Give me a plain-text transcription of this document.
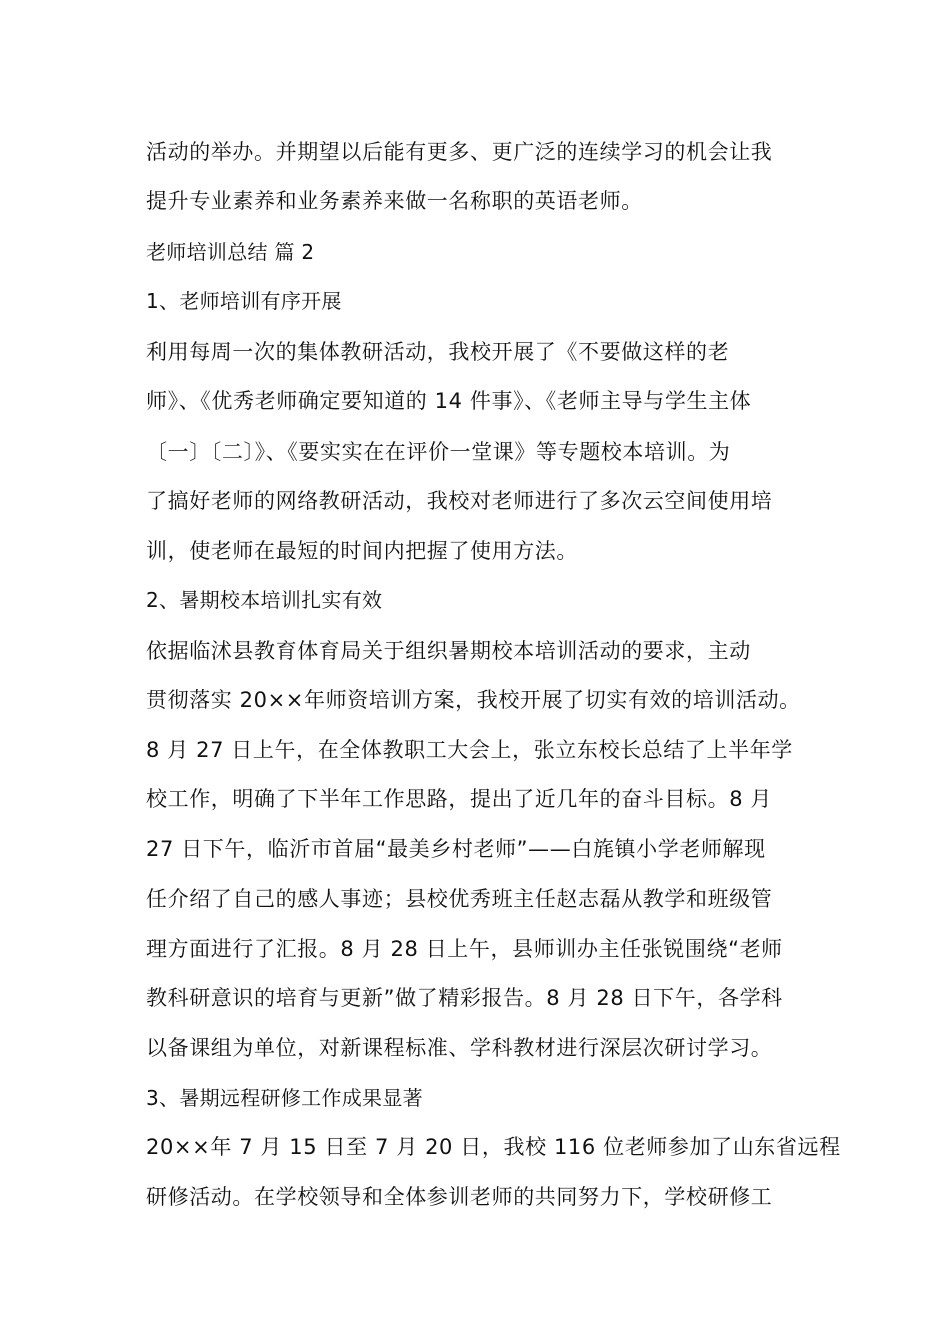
活动的举办。并期望以后能有更多、更广泛的连续学习的机会让我
提升专业素养和业务素养来做一名称职的英语老师。
老师培训总结 篇 2
1、老师培训有序开展
利用每周一次的集体教研活动，我校开展了《不要做这样的老
师》、《优秀老师确定要知道的 14 件事》、《老师主导与学生主体
〔一〕〔二〕》、《要实实在在评价一堂课》等专题校本培训。为
了搞好老师的网络教研活动，我校对老师进行了多次云空间使用培
训，使老师在最短的时间内把握了使用方法。
2、暑期校本培训扎实有效
依据临沭县教育体育局关于组织暑期校本培训活动的要求，主动
贯彻落实 20××年师资培训方案，我校开展了切实有效的培训活动。
8 月 27 日上午，在全体教职工大会上，张立东校长总结了上半年学
校工作，明确了下半年工作思路，提出了近几年的奋斗目标。8 月
27 日下午，临沂市首届“最美乡村老师”——白旄镇小学老师解现
任介绍了自己的感人事迹；县校优秀班主任赵志磊从教学和班级管
理方面进行了汇报。8 月 28 日上午，县师训办主任张锐围绕“老师
教科研意识的培育与更新”做了精彩报告。8 月 28 日下午，各学科
以备课组为单位，对新课程标准、学科教材进行深层次研讨学习。
3、暑期远程研修工作成果显著
20××年 7 月 15 日至 7 月 20 日，我校 116 位老师参加了山东省远程
研修活动。在学校领导和全体参训老师的共同努力下，学校研修工
